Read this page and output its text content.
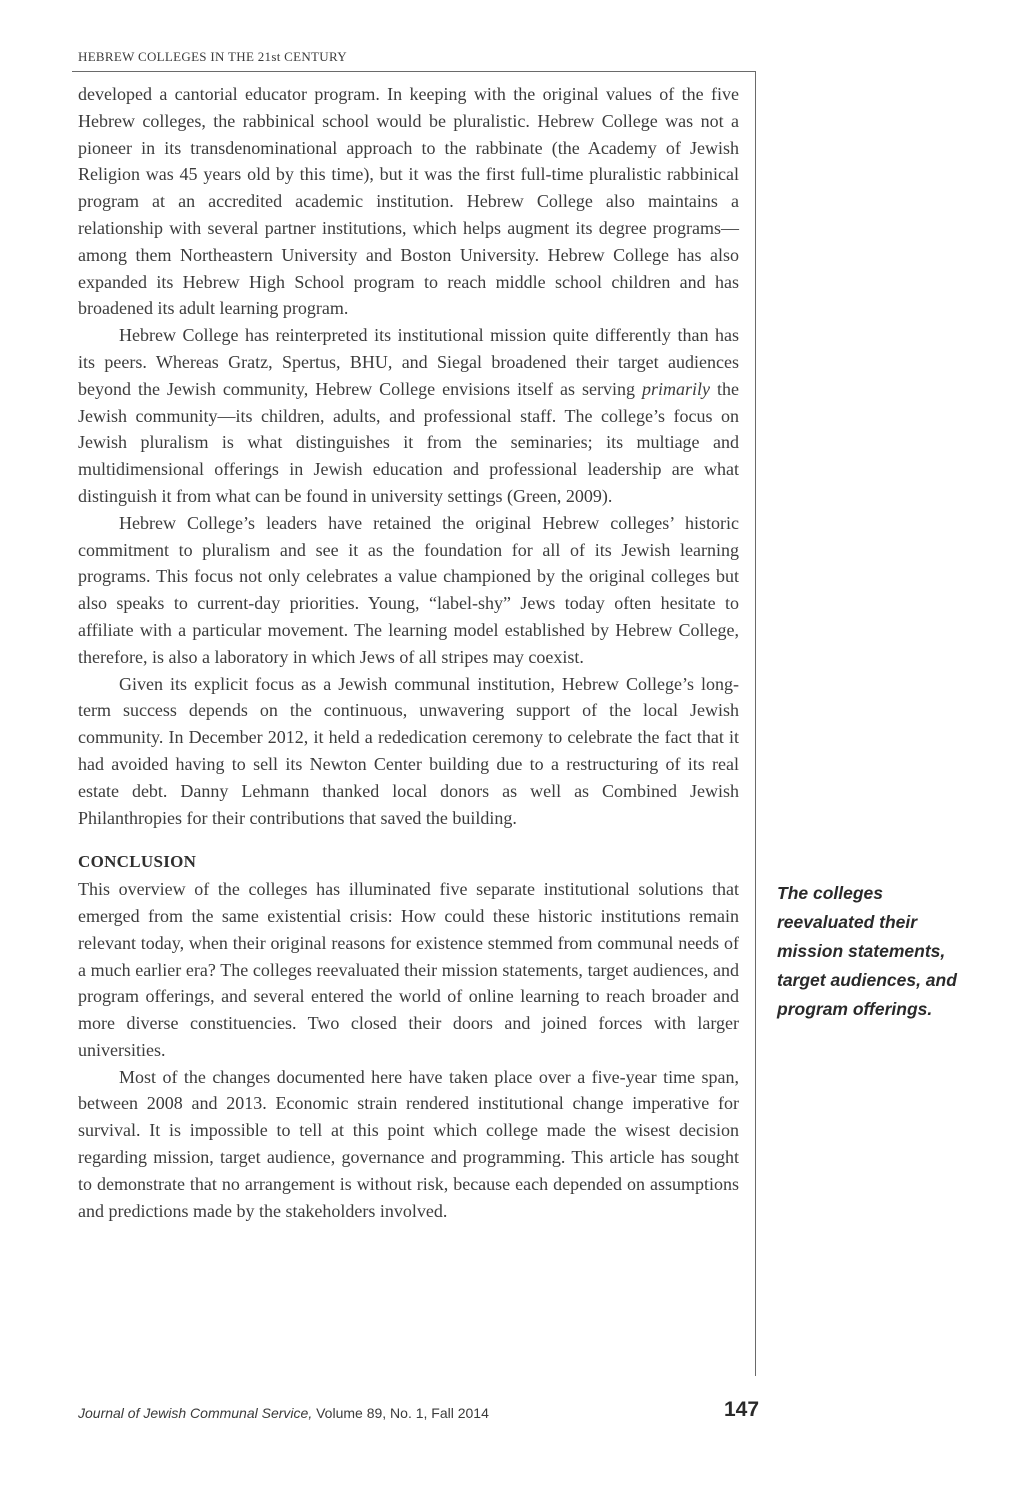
HEBREW COLLEGES IN THE 21st CENTURY

developed a cantorial educator program. In keeping with the original values of the five Hebrew colleges, the rabbinical school would be pluralistic. Hebrew College was not a pioneer in its transdenominational approach to the rabbinate (the Academy of Jewish Religion was 45 years old by this time), but it was the first full-time pluralistic rabbinical program at an accredited academic institution. Hebrew College also maintains a relationship with several partner institutions, which helps augment its degree programs—among them Northeastern University and Boston University. Hebrew College has also expanded its Hebrew High School program to reach middle school children and has broadened its adult learning program.

Hebrew College has reinterpreted its institutional mission quite differently than has its peers. Whereas Gratz, Spertus, BHU, and Siegal broadened their target audiences beyond the Jewish community, Hebrew College envisions itself as serving primarily the Jewish community—its children, adults, and professional staff. The college’s focus on Jewish pluralism is what distinguishes it from the seminaries; its multiage and multidimensional offerings in Jewish education and professional leadership are what distinguish it from what can be found in university settings (Green, 2009).

Hebrew College’s leaders have retained the original Hebrew colleges’ historic commitment to pluralism and see it as the foundation for all of its Jewish learning programs. This focus not only celebrates a value championed by the original colleges but also speaks to current-day priorities. Young, “label-shy” Jews today often hesitate to affiliate with a particular movement. The learning model established by Hebrew College, therefore, is also a laboratory in which Jews of all stripes may coexist.

Given its explicit focus as a Jewish communal institution, Hebrew College’s long-term success depends on the continuous, unwavering support of the local Jewish community. In December 2012, it held a rededication ceremony to celebrate the fact that it had avoided having to sell its Newton Center building due to a restructuring of its real estate debt. Danny Lehmann thanked local donors as well as Combined Jewish Philanthropies for their contributions that saved the building.

CONCLUSION

This overview of the colleges has illuminated five separate institutional solutions that emerged from the same existential crisis: How could these historic institutions remain relevant today, when their original reasons for existence stemmed from communal needs of a much earlier era? The colleges reevaluated their mission statements, target audiences, and program offerings, and several entered the world of online learning to reach broader and more diverse constituencies. Two closed their doors and joined forces with larger universities.

Most of the changes documented here have taken place over a five-year time span, between 2008 and 2013. Economic strain rendered institutional change imperative for survival. It is impossible to tell at this point which college made the wisest decision regarding mission, target audience, governance and programming. This article has sought to demonstrate that no arrangement is without risk, because each depended on assumptions and predictions made by the stakeholders involved.

The colleges reevaluated their mission statements, target audiences, and program offerings.
Journal of Jewish Communal Service, Volume 89, No. 1, Fall 2014	147
